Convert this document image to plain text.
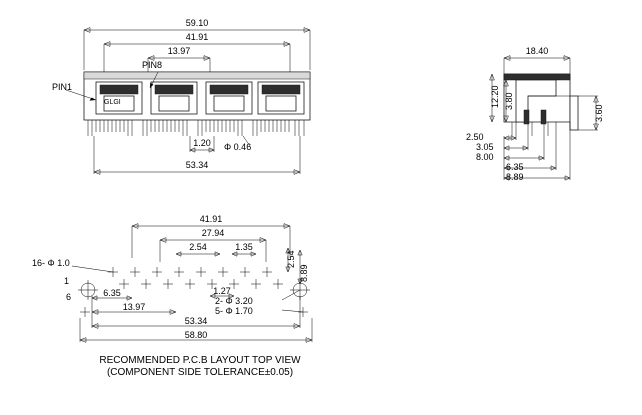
59.10
41.91
13.97
PIN1
PIN8
GLGI
1.20 Φ 0.46
53.34
18.40
12.20 3.80
3.60
2.50
3.05
8.00
6.35
8.89
41.91
27.94
2.54	1.35
2.54
8.89
16- Φ 1.0
6
1
6.35	1.27
13.97
2- Φ 3.20
5- Φ 1.70
53.34
58.80
RECOMMENDED P.C.B LAYOUT TOP VIEW
(COMPONENT SIDE TOLERANCE±0.05)
